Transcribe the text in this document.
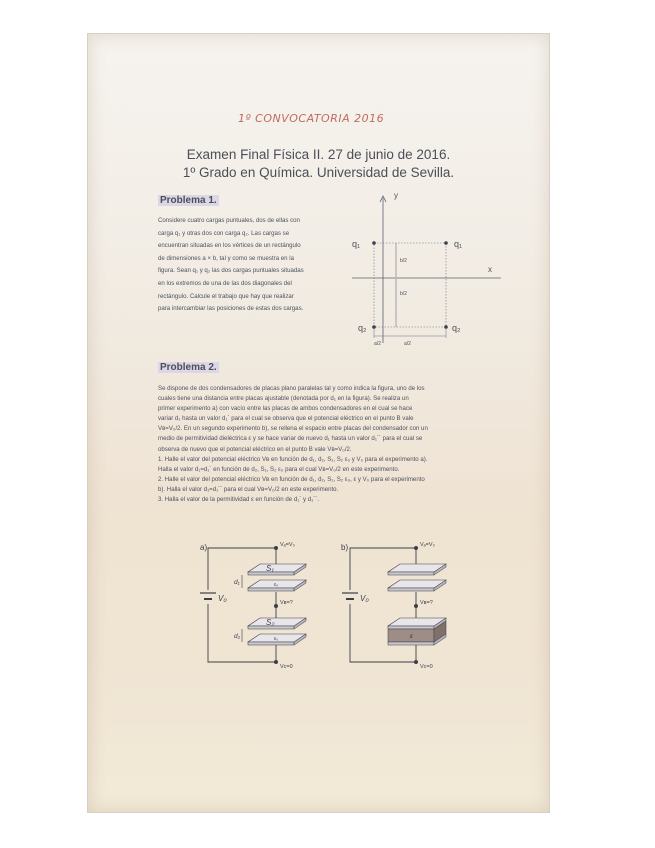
1º CONVOCATORIA 2016
Examen Final Física II. 27 de junio de 2016.
1º Grado en Química. Universidad de Sevilla.
Problema 1.
Considere cuatro cargas puntuales, dos de ellas con
carga q₁ y otras dos con carga q₂. Las cargas se
encuentran situadas en los vértices de un rectángulo
de dimensiones a × b, tal y como se muestra en la
figura. Sean q₁ y q₂ las dos cargas puntuales situadas
en los extremos de una de las dos diagonales del
rectángulo. Calcule el trabajo que hay que realizar
para intercambiar las posiciones de estas dos cargas.
y
x
b/2
b/2
a/2
a/2
q₁	q₁
q₂	q₂
Problema 2.
Se dispone de dos condensadores de placas plano paralelas tal y como indica la figura, uno de los
cuales tiene una distancia entre placas ajustable (denotada por d₁ en la figura). Se realiza un
primer experimento a) con vacío entre las placas de ambos condensadores en el cual se hace
variar d₁ hasta un valor d₁´ para el cual se observa que el potencial eléctrico en el punto B vale
Vʙ=V₀/2. En un segundo experimento b), se rellena el espacio entre placas del condensador con un
medio de permitividad dieléctrica ε y se hace variar de nuevo d₁ hasta un valor d₁´´ para el cual se
observa de nuevo que el potencial eléctrico en el punto B vale Vʙ=V₀/2.
1. Halle el valor del potencial eléctrico Vʙ en función de d₁, d₂, S₁, S₂ ε₀ y V₀ para el experimento a).
Halla el valor d₁=d₁´ en función de d₂, S₁, S₂ ε₀ para el cual Vʙ=V₀/2 en este experimento.
2. Halle el valor del potencial eléctrico Vʙ en función de d₁, d₂, S₁, S₂ ε₀, ε y V₀ para el experimento
b). Halla el valor d₁=d₁´´ para el cual Vʙ=V₀/2 en este experimento.
3. Halla el valor de la permitividad ε en función de d₁´ y d₁´´.
a)
V₀
Vₐ=V₀
Vʙ=?
Vᴄ=0
S₁
ε₀
d₁
S₂
ε₀
d₂
b)
V₀
Vₐ=V₀
Vʙ=?
Vᴄ=0
ε
